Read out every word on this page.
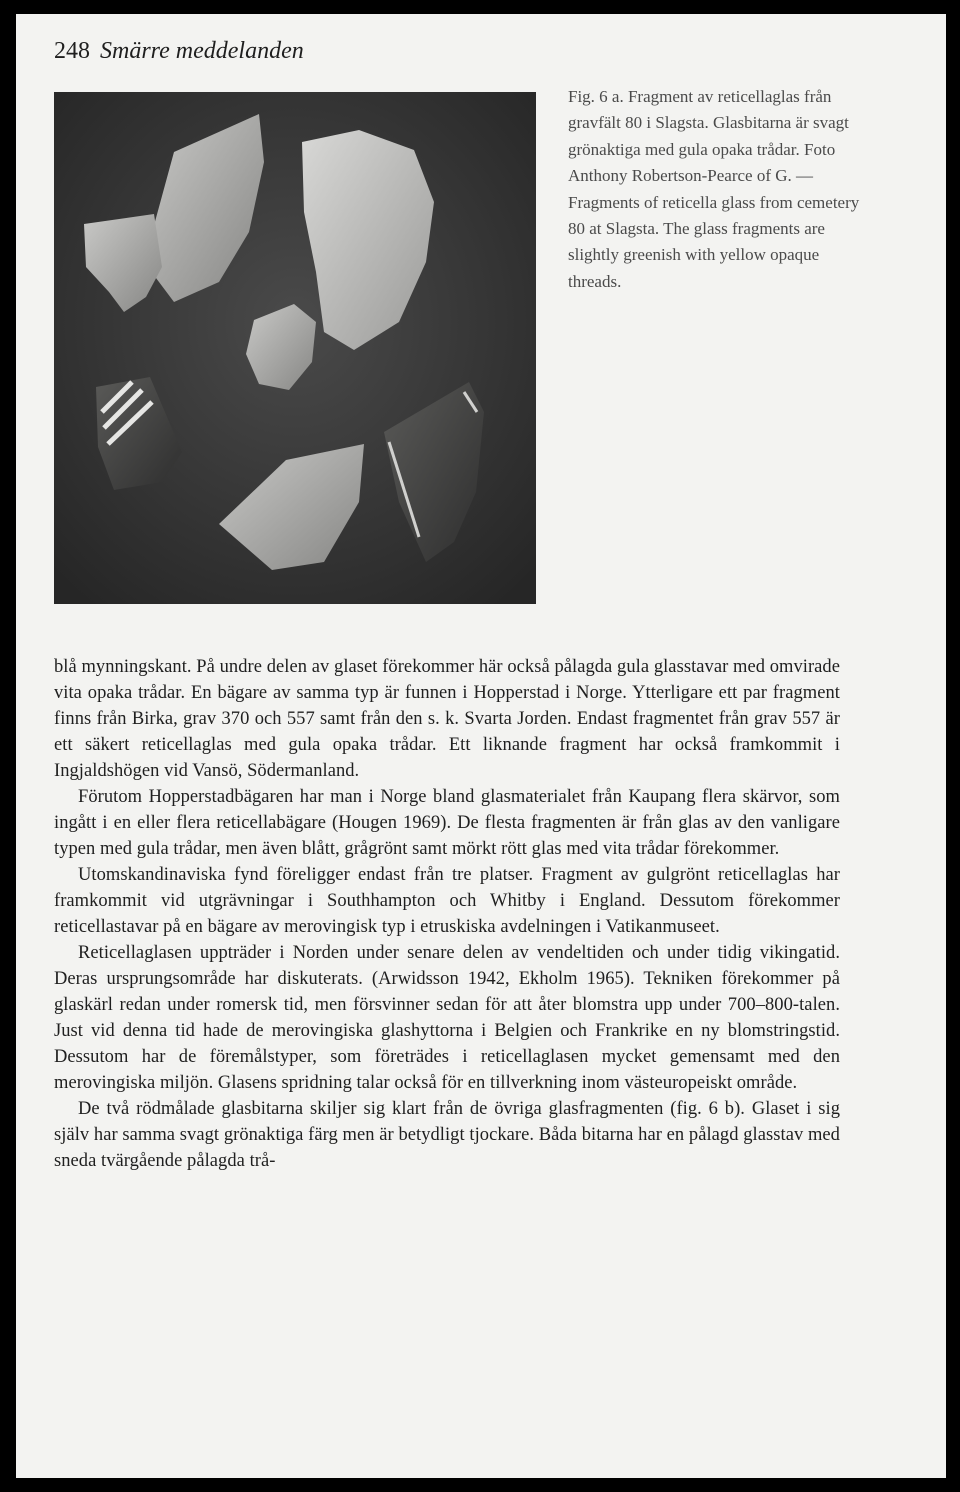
248 Smärre meddelanden

Fig. 6 a. Fragment av reticellaglas från gravfält 80 i Slagsta. Glasbitarna är svagt grönaktiga med gula opaka trådar. Foto Anthony Robertson-Pearce of G. — Fragments of reticella glass from cemetery 80 at Slagsta. The glass fragments are slightly greenish with yellow opaque threads.

blå mynningskant. På undre delen av glaset förekommer här också pålagda gula glasstavar med omvirade vita opaka trådar. En bägare av samma typ är funnen i Hopperstad i Norge. Ytterligare ett par fragment finns från Birka, grav 370 och 557 samt från den s. k. Svarta Jorden. Endast fragmentet från grav 557 är ett säkert reticellaglas med gula opaka trådar. Ett liknande fragment har också framkommit i Ingjaldshögen vid Vansö, Södermanland.

Förutom Hopperstadbägaren har man i Norge bland glasmaterialet från Kaupang flera skärvor, som ingått i en eller flera reticellabägare (Hougen 1969). De flesta fragmenten är från glas av den vanligare typen med gula trådar, men även blått, grågrönt samt mörkt rött glas med vita trådar förekommer.

Utomskandinaviska fynd föreligger endast från tre platser. Fragment av gulgrönt reticellaglas har framkommit vid utgrävningar i Southhampton och Whitby i England. Dessutom förekommer reticellastavar på en bägare av merovingisk typ i etruskiska avdelningen i Vatikanmuseet.

Reticellaglasen uppträder i Norden under senare delen av vendeltiden och under tidig vikingatid. Deras ursprungsområde har diskuterats. (Arwidsson 1942, Ekholm 1965). Tekniken förekommer på glaskärl redan under romersk tid, men försvinner sedan för att åter blomstra upp under 700–800-talen. Just vid denna tid hade de merovingiska glashyttorna i Belgien och Frankrike en ny blomstringstid. Dessutom har de föremålstyper, som företrädes i reticellaglasen mycket gemensamt med den merovingiska miljön. Glasens spridning talar också för en tillverkning inom västeuropeiskt område.

De två rödmålade glasbitarna skiljer sig klart från de övriga glasfragmenten (fig. 6 b). Glaset i sig själv har samma svagt grönaktiga färg men är betydligt tjockare. Båda bitarna har en pålagd glasstav med sneda tvärgående pålagda trå-
